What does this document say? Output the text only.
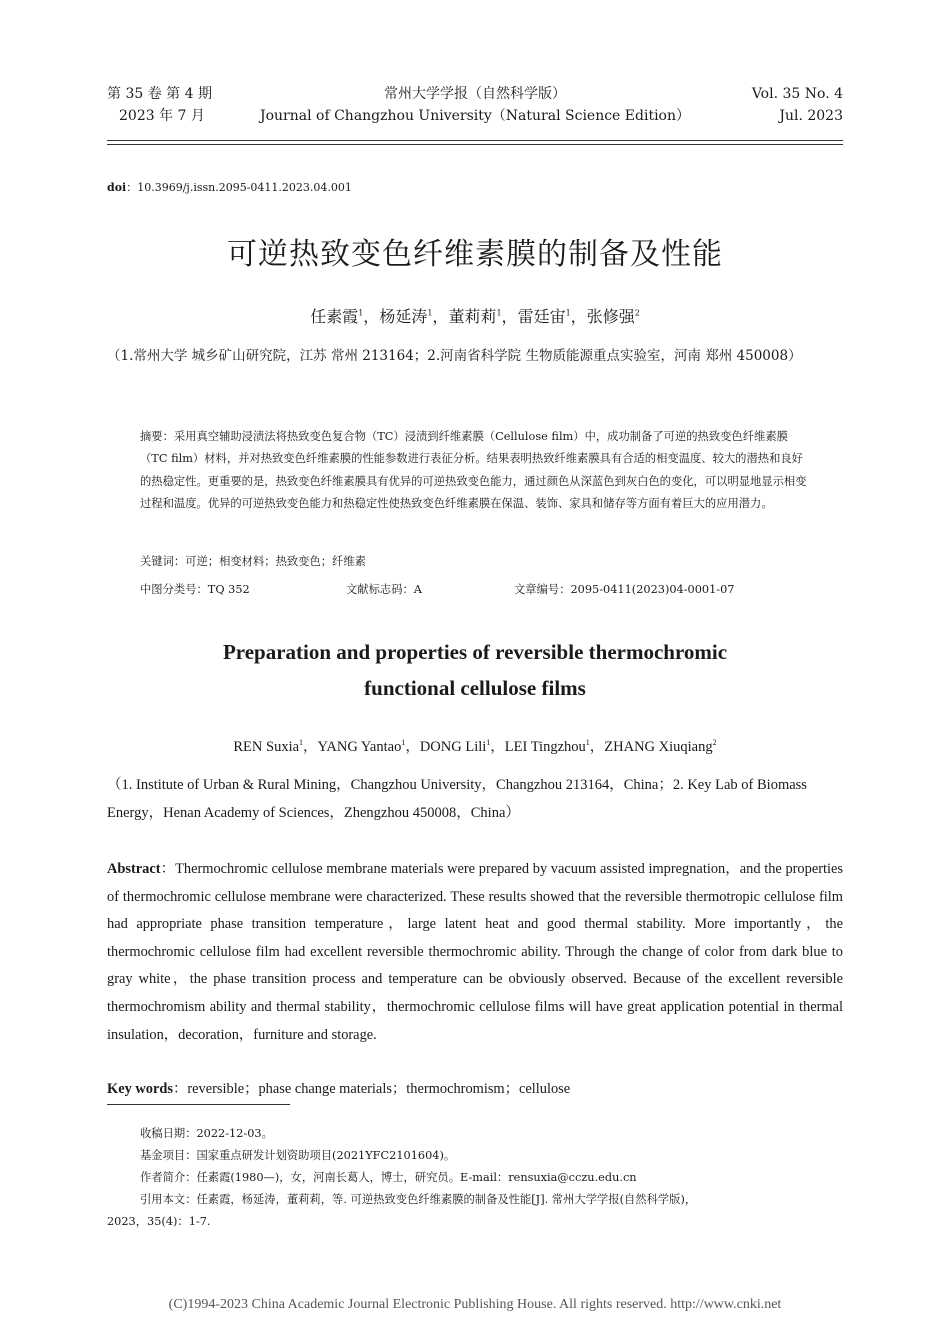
第 35 卷 第 4 期
2023 年 7 月
常州大学学报（自然科学版）
Journal of Changzhou University（Natural Science Edition）
Vol. 35 No. 4
Jul. 2023
doi：10.3969/j.issn.2095-0411.2023.04.001
可逆热致变色纤维素膜的制备及性能
任素霞$^1$，杨延涛$^1$，董莉莉$^1$，雷廷宙$^1$，张修强$^2$
（1.常州大学 城乡矿山研究院，江苏 常州 213164；2.河南省科学院 生物质能源重点实验室，河南 郑州 450008）
摘要：采用真空辅助浸渍法将热致变色复合物（TC）浸渍到纤维素膜（Cellulose film）中，成功制备了可逆的热致变色纤维素膜（TC film）材料，并对热致变色纤维素膜的性能参数进行表征分析。结果表明热致纤维素膜具有合适的相变温度、较大的潜热和良好的热稳定性。更重要的是，热致变色纤维素膜具有优异的可逆热致变色能力，通过颜色从深蓝色到灰白色的变化，可以明显地显示相变过程和温度。优异的可逆热致变色能力和热稳定性使热致变色纤维素膜在保温、装饰、家具和储存等方面有着巨大的应用潜力。
关键词：可逆；相变材料；热致变色；纤维素
中图分类号：TQ 352	文献标志码：A	文章编号：2095-0411(2023)04-0001-07
Preparation and properties of reversible thermochromic
functional cellulose films
REN Suxia$^1$，YANG Yantao$^1$，DONG Lili$^1$，LEI Tingzhou$^1$，ZHANG Xiuqiang$^2$
（1. Institute of Urban & Rural Mining，Changzhou University，Changzhou 213164，China；2. Key Lab of Biomass Energy，Henan Academy of Sciences，Zhengzhou 450008，China）
Abstract：Thermochromic cellulose membrane materials were prepared by vacuum assisted impregnation，and the properties of thermochromic cellulose membrane were characterized. These results showed that the reversible thermotropic cellulose film had appropriate phase transition temperature，large latent heat and good thermal stability. More importantly，the thermochromic cellulose film had excellent reversible thermochromic ability. Through the change of color from dark blue to gray white，the phase transition process and temperature can be obviously observed. Because of the excellent reversible thermochromism ability and thermal stability，thermochromic cellulose films will have great application potential in thermal insulation，decoration，furniture and storage.
Key words：reversible；phase change materials；thermochromism；cellulose
收稿日期：2022-12-03。
基金项目：国家重点研发计划资助项目(2021YFC2101604)。
作者简介：任素霞(1980—)，女，河南长葛人，博士，研究员。E-mail：rensuxia@cczu.edu.cn
引用本文：任素霞，杨延涛，董莉莉，等. 可逆热致变色纤维素膜的制备及性能[J]. 常州大学学报(自然科学版)，
2023，35(4)：1-7.
(C)1994-2023 China Academic Journal Electronic Publishing House. All rights reserved. http://www.cnki.net
